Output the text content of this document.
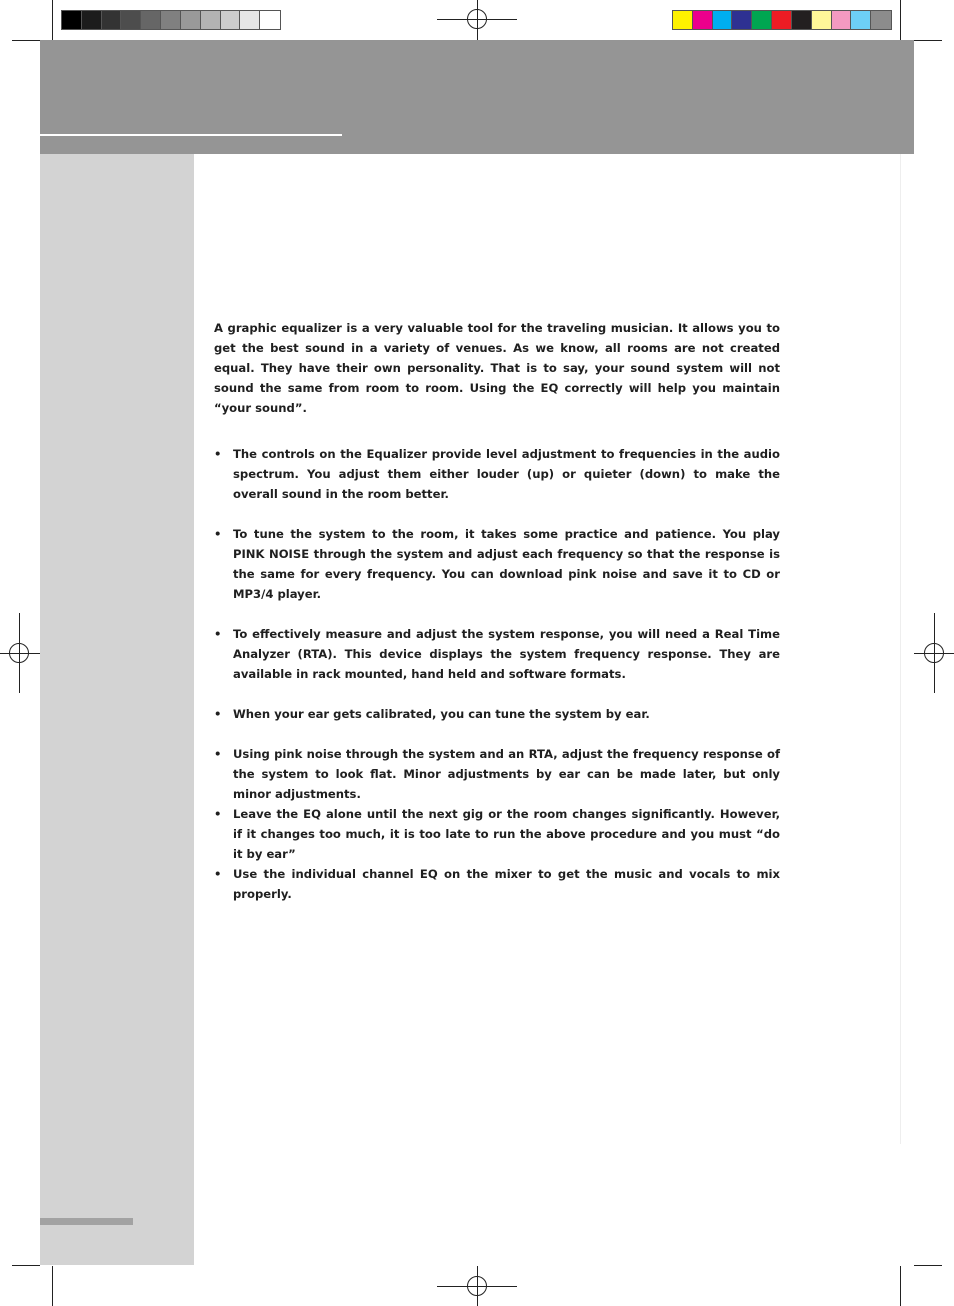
A graphic equalizer is a very valuable tool for the traveling musician. It allows you to get the best sound in a variety of venues. As we know, all rooms are not created equal. They have their own personality. That is to say, your sound system will not sound the same from room to room. Using the EQ correctly will help you maintain “your sound”.

• The controls on the Equalizer provide level adjustment to frequencies in the audio spectrum. You adjust them either louder (up) or quieter (down) to make the overall sound in the room better.
• To tune the system to the room, it takes some practice and patience. You play PINK NOISE through the system and adjust each frequency so that the response is the same for every frequency. You can download pink noise and save it to CD or MP3/4 player.
• To effectively measure and adjust the system response, you will need a Real Time Analyzer (RTA). This device displays the system frequency response. They are available in rack mounted, hand held and software formats.
• When your ear gets calibrated, you can tune the system by ear.
• Using pink noise through the system and an RTA, adjust the frequency response of the system to look flat. Minor adjustments by ear can be made later, but only minor adjustments.
• Leave the EQ alone until the next gig or the room changes significantly. However, if it changes too much, it is too late to run the above procedure and you must “do it by ear”
• Use the individual channel EQ on the mixer to get the music and vocals to mix properly.
